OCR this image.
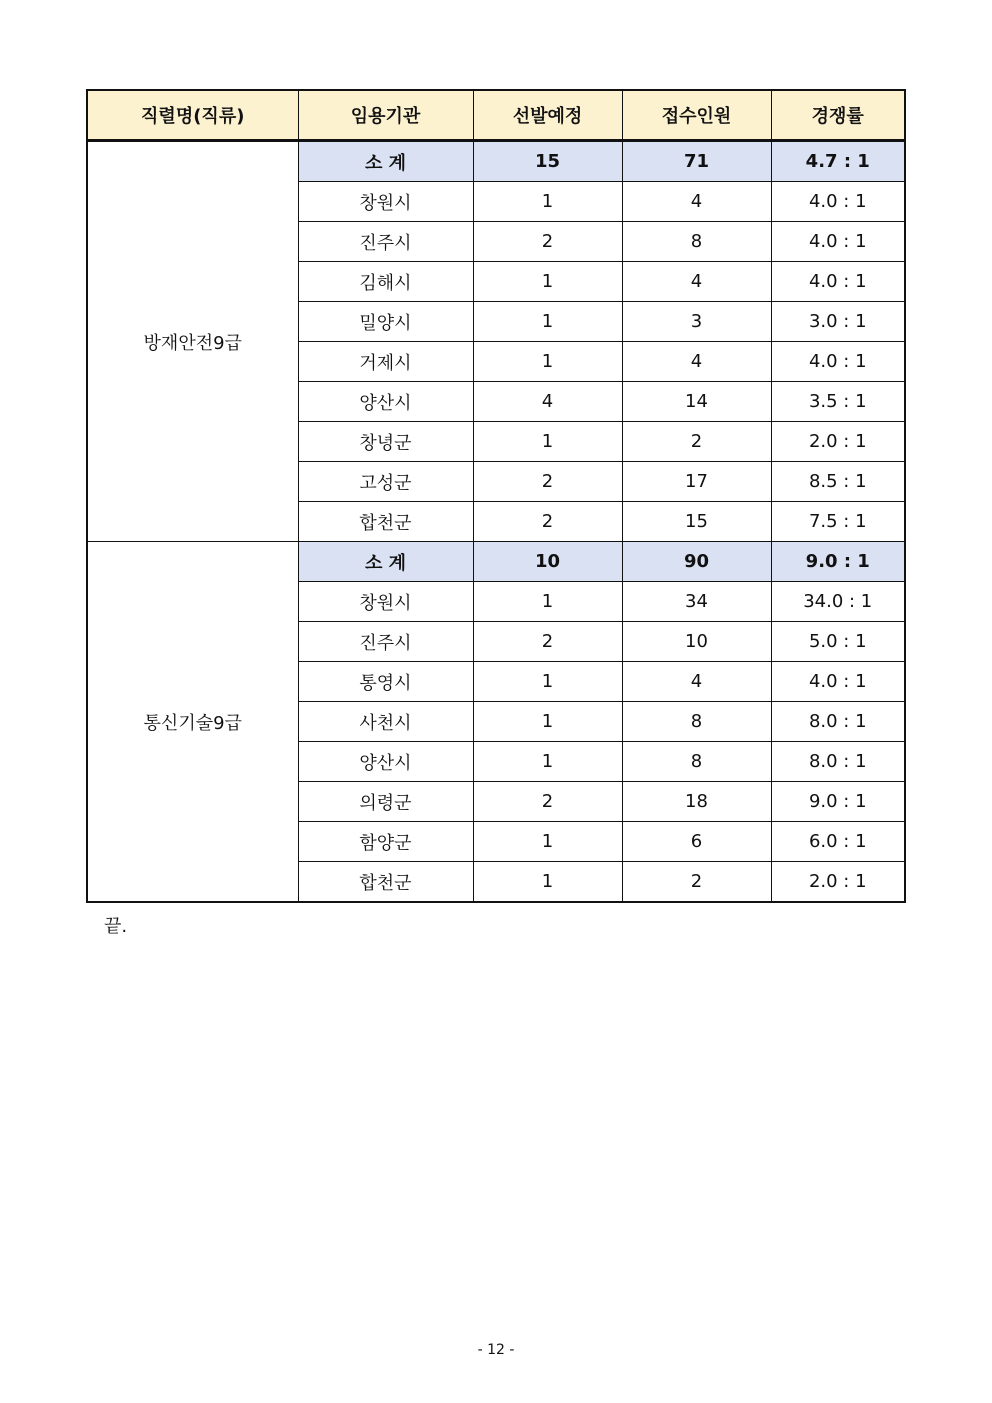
직렬명(직류)	임용기관	선발예정	접수인원	경쟁률
방재안전9급	소 계	15	71	4.7 : 1
	창원시	1	4	4.0 : 1
	진주시	2	8	4.0 : 1
	김해시	1	4	4.0 : 1
	밀양시	1	3	3.0 : 1
	거제시	1	4	4.0 : 1
	양산시	4	14	3.5 : 1
	창녕군	1	2	2.0 : 1
	고성군	2	17	8.5 : 1
	합천군	2	15	7.5 : 1
통신기술9급	소 계	10	90	9.0 : 1
	창원시	1	34	34.0 : 1
	진주시	2	10	5.0 : 1
	통영시	1	4	4.0 : 1
	사천시	1	8	8.0 : 1
	양산시	1	8	8.0 : 1
	의령군	2	18	9.0 : 1
	함양군	1	6	6.0 : 1
	합천군	1	2	2.0 : 1
끝.
- 12 -
